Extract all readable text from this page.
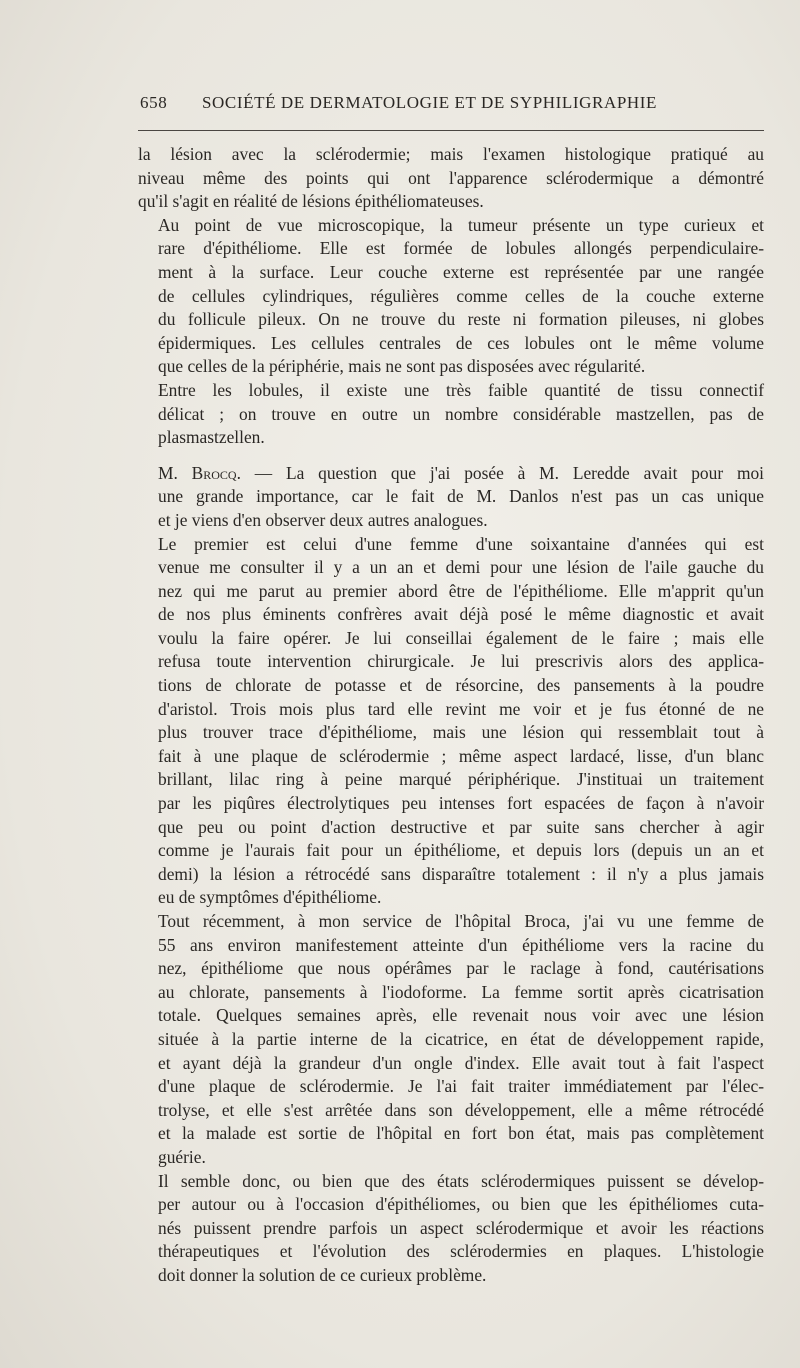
658 SOCIÉTÉ DE DERMATOLOGIE ET DE SYPHILIGRAPHIE
la lésion avec la sclérodermie; mais l'examen histologique pratiqué au
niveau même des points qui ont l'apparence sclérodermique a démontré
qu'il s'agit en réalité de lésions épithéliomateuses.
Au point de vue microscopique, la tumeur présente un type curieux et
rare d'épithéliome. Elle est formée de lobules allongés perpendiculaire-
ment à la surface. Leur couche externe est représentée par une rangée
de cellules cylindriques, régulières comme celles de la couche externe
du follicule pileux. On ne trouve du reste ni formation pileuses, ni globes
épidermiques. Les cellules centrales de ces lobules ont le même volume
que celles de la périphérie, mais ne sont pas disposées avec régularité.
Entre les lobules, il existe une très faible quantité de tissu connectif
délicat ; on trouve en outre un nombre considérable mastzellen, pas de
plasmastzellen.
M. Brocq. — La question que j'ai posée à M. Leredde avait pour moi
une grande importance, car le fait de M. Danlos n'est pas un cas unique
et je viens d'en observer deux autres analogues.
Le premier est celui d'une femme d'une soixantaine d'années qui est
venue me consulter il y a un an et demi pour une lésion de l'aile gauche du
nez qui me parut au premier abord être de l'épithéliome. Elle m'apprit qu'un
de nos plus éminents confrères avait déjà posé le même diagnostic et avait
voulu la faire opérer. Je lui conseillai également de le faire ; mais elle
refusa toute intervention chirurgicale. Je lui prescrivis alors des applica-
tions de chlorate de potasse et de résorcine, des pansements à la poudre
d'aristol. Trois mois plus tard elle revint me voir et je fus étonné de ne
plus trouver trace d'épithéliome, mais une lésion qui ressemblait tout à
fait à une plaque de sclérodermie ; même aspect lardacé, lisse, d'un blanc
brillant, lilac ring à peine marqué périphérique. J'instituai un traitement
par les piqûres électrolytiques peu intenses fort espacées de façon à n'avoir
que peu ou point d'action destructive et par suite sans chercher à agir
comme je l'aurais fait pour un épithéliome, et depuis lors (depuis un an et
demi) la lésion a rétrocédé sans disparaître totalement : il n'y a plus jamais
eu de symptômes d'épithéliome.
Tout récemment, à mon service de l'hôpital Broca, j'ai vu une femme de
55 ans environ manifestement atteinte d'un épithéliome vers la racine du
nez, épithéliome que nous opérâmes par le raclage à fond, cautérisations
au chlorate, pansements à l'iodoforme. La femme sortit après cicatrisation
totale. Quelques semaines après, elle revenait nous voir avec une lésion
située à la partie interne de la cicatrice, en état de développement rapide,
et ayant déjà la grandeur d'un ongle d'index. Elle avait tout à fait l'aspect
d'une plaque de sclérodermie. Je l'ai fait traiter immédiatement par l'élec-
trolyse, et elle s'est arrêtée dans son développement, elle a même rétrocédé
et la malade est sortie de l'hôpital en fort bon état, mais pas complètement
guérie.
Il semble donc, ou bien que des états sclérodermiques puissent se dévelop-
per autour ou à l'occasion d'épithéliomes, ou bien que les épithéliomes cuta-
nés puissent prendre parfois un aspect sclérodermique et avoir les réactions
thérapeutiques et l'évolution des sclérodermies en plaques. L'histologie
doit donner la solution de ce curieux problème.
